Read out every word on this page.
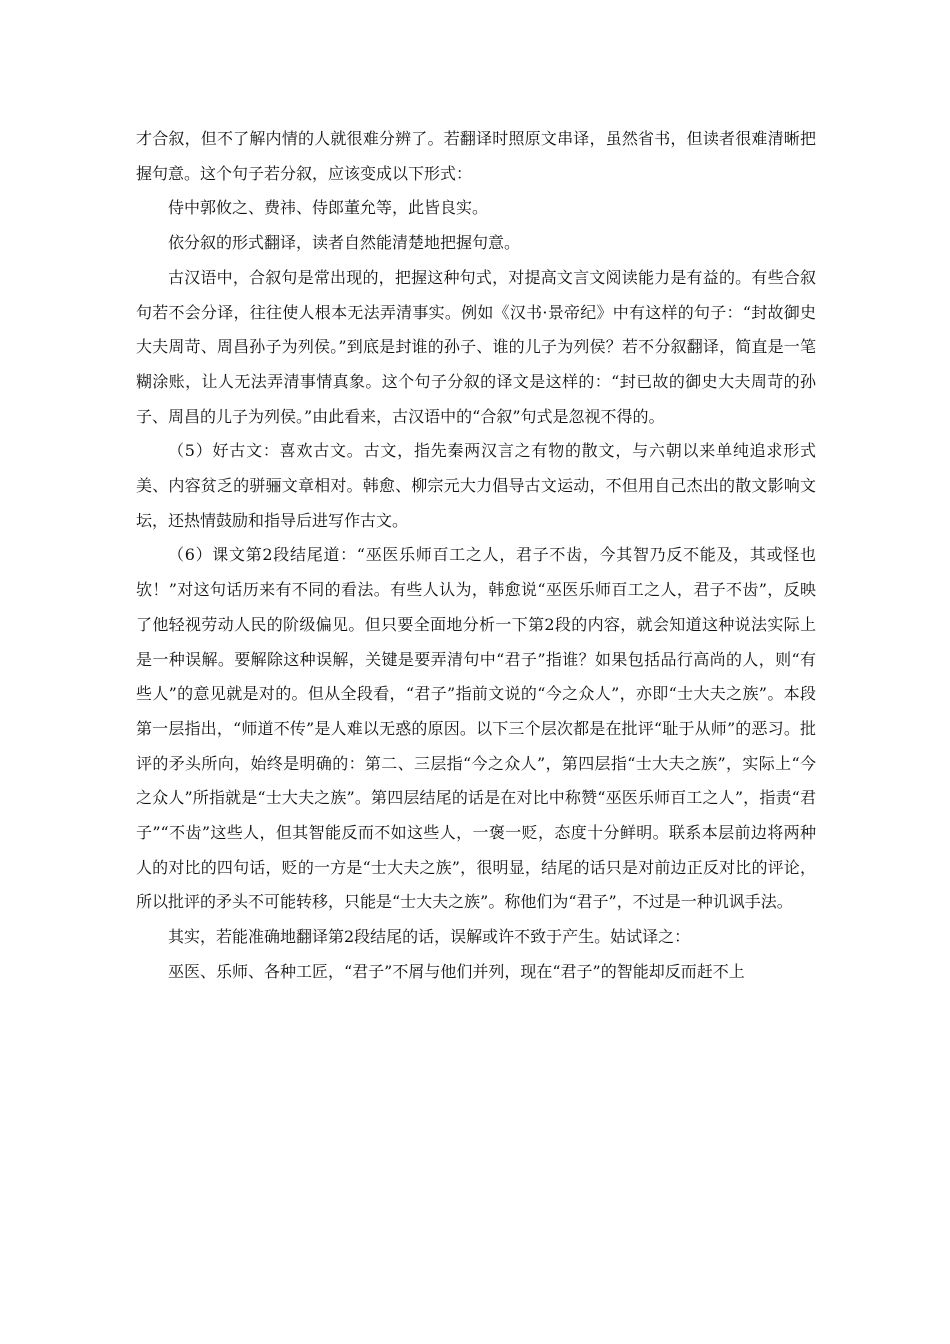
才合叙，但不了解内情的人就很难分辨了。若翻译时照原文串译，虽然省书，但读者很难清晰把握句意。这个句子若分叙，应该变成以下形式：

侍中郭攸之、费祎、侍郎董允等，此皆良实。

依分叙的形式翻译，读者自然能清楚地把握句意。

古汉语中，合叙句是常出现的，把握这种句式，对提高文言文阅读能力是有益的。有些合叙句若不会分译，往往使人根本无法弄清事实。例如《汉书·景帝纪》中有这样的句子：“封故御史大夫周苛、周昌孙子为列侯。”到底是封谁的孙子、谁的儿子为列侯？若不分叙翻译，简直是一笔糊涂账，让人无法弄清事情真象。这个句子分叙的译文是这样的：“封已故的御史大夫周苛的孙子、周昌的儿子为列侯。”由此看来，古汉语中的“合叙”句式是忽视不得的。

（5）好古文：喜欢古文。古文，指先秦两汉言之有物的散文，与六朝以来单纯追求形式美、内容贫乏的骈骊文章相对。韩愈、柳宗元大力倡导古文运动，不但用自己杰出的散文影响文坛，还热情鼓励和指导后进写作古文。

（6）课文第2段结尾道：“巫医乐师百工之人，君子不齿，今其智乃反不能及，其或怪也欤！”对这句话历来有不同的看法。有些人认为，韩愈说“巫医乐师百工之人，君子不齿”，反映了他轻视劳动人民的阶级偏见。但只要全面地分析一下第2段的内容，就会知道这种说法实际上是一种误解。要解除这种误解，关键是要弄清句中“君子”指谁？如果包括品行高尚的人，则“有些人”的意见就是对的。但从全段看，“君子”指前文说的“今之众人”，亦即“士大夫之族”。本段第一层指出，“师道不传”是人难以无惑的原因。以下三个层次都是在批评“耻于从师”的恶习。批评的矛头所向，始终是明确的：第二、三层指“今之众人”，第四层指“士大夫之族”，实际上“今之众人”所指就是“士大夫之族”。第四层结尾的话是在对比中称赞“巫医乐师百工之人”，指责“君子”“不齿”这些人，但其智能反而不如这些人，一褒一贬，态度十分鲜明。联系本层前边将两种人的对比的四句话，贬的一方是“士大夫之族”，很明显，结尾的话只是对前边正反对比的评论，所以批评的矛头不可能转移，只能是“士大夫之族”。称他们为“君子”，不过是一种讥讽手法。

其实，若能准确地翻译第2段结尾的话，误解或许不致于产生。姑试译之：

巫医、乐师、各种工匠，“君子”不屑与他们并列，现在“君子”的智能却反而赶不上
